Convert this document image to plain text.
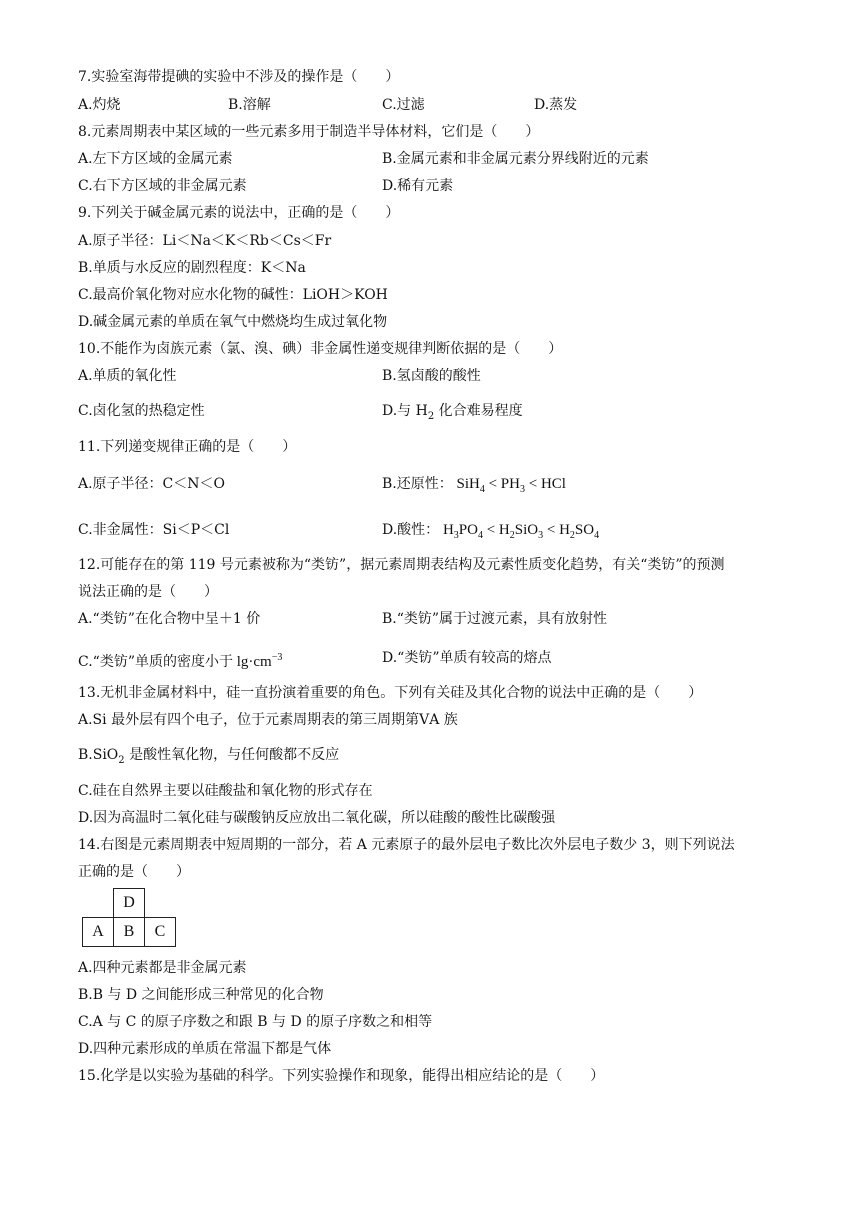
7.实验室海带提碘的实验中不涉及的操作是（　　）
A.灼烧	B.溶解	C.过滤	D.蒸发
8.元素周期表中某区域的一些元素多用于制造半导体材料，它们是（　　）
A.左下方区域的金属元素	B.金属元素和非金属元素分界线附近的元素
C.右下方区域的非金属元素	D.稀有元素
9.下列关于碱金属元素的说法中，正确的是（　　）
A.原子半径：Li＜Na＜K＜Rb＜Cs＜Fr
B.单质与水反应的剧烈程度：K＜Na
C.最高价氧化物对应水化物的碱性：LiOH＞KOH
D.碱金属元素的单质在氧气中燃烧均生成过氧化物
10.不能作为卤族元素（氯、溴、碘）非金属性递变规律判断依据的是（　　）
A.单质的氧化性	B.氢卤酸的酸性
C.卤化氢的热稳定性	D.与 $H_2$ 化合难易程度
11.下列递变规律正确的是（　　）
A.原子半径：C＜N＜O	B.还原性： $SiH_4 < PH_3$ < HCl
C.非金属性：Si＜P＜Cl	D.酸性： $H_3PO_4 < H_2SiO_3 < H_2SO_4$
12.可能存在的第 119 号元素被称为“类钫”，据元素周期表结构及元素性质变化趋势，有关“类钫”的预测
说法正确的是（　　）
A.“类钫”在化合物中呈＋1 价	B.“类钫”属于过渡元素，具有放射性
C.“类钫”单质的密度小于 $\lg\cdot cm^{-3}$	D.“类钫”单质有较高的熔点
13.无机非金属材料中，硅一直扮演着重要的角色。下列有关硅及其化合物的说法中正确的是（　　）
A.Si 最外层有四个电子，位于元素周期表的第三周期第ⅤA 族
B.SiO$_2$ 是酸性氧化物，与任何酸都不反应
C.硅在自然界主要以硅酸盐和氧化物的形式存在
D.因为高温时二氧化硅与碳酸钠反应放出二氧化碳，所以硅酸的酸性比碳酸强
14.右图是元素周期表中短周期的一部分，若 A 元素原子的最外层电子数比次外层电子数少 3，则下列说法
正确的是（　　）
	D	
A	B	C
A.四种元素都是非金属元素
B.B 与 D 之间能形成三种常见的化合物
C.A 与 C 的原子序数之和跟 B 与 D 的原子序数之和相等
D.四种元素形成的单质在常温下都是气体
15.化学是以实验为基础的科学。下列实验操作和现象，能得出相应结论的是（　　）
